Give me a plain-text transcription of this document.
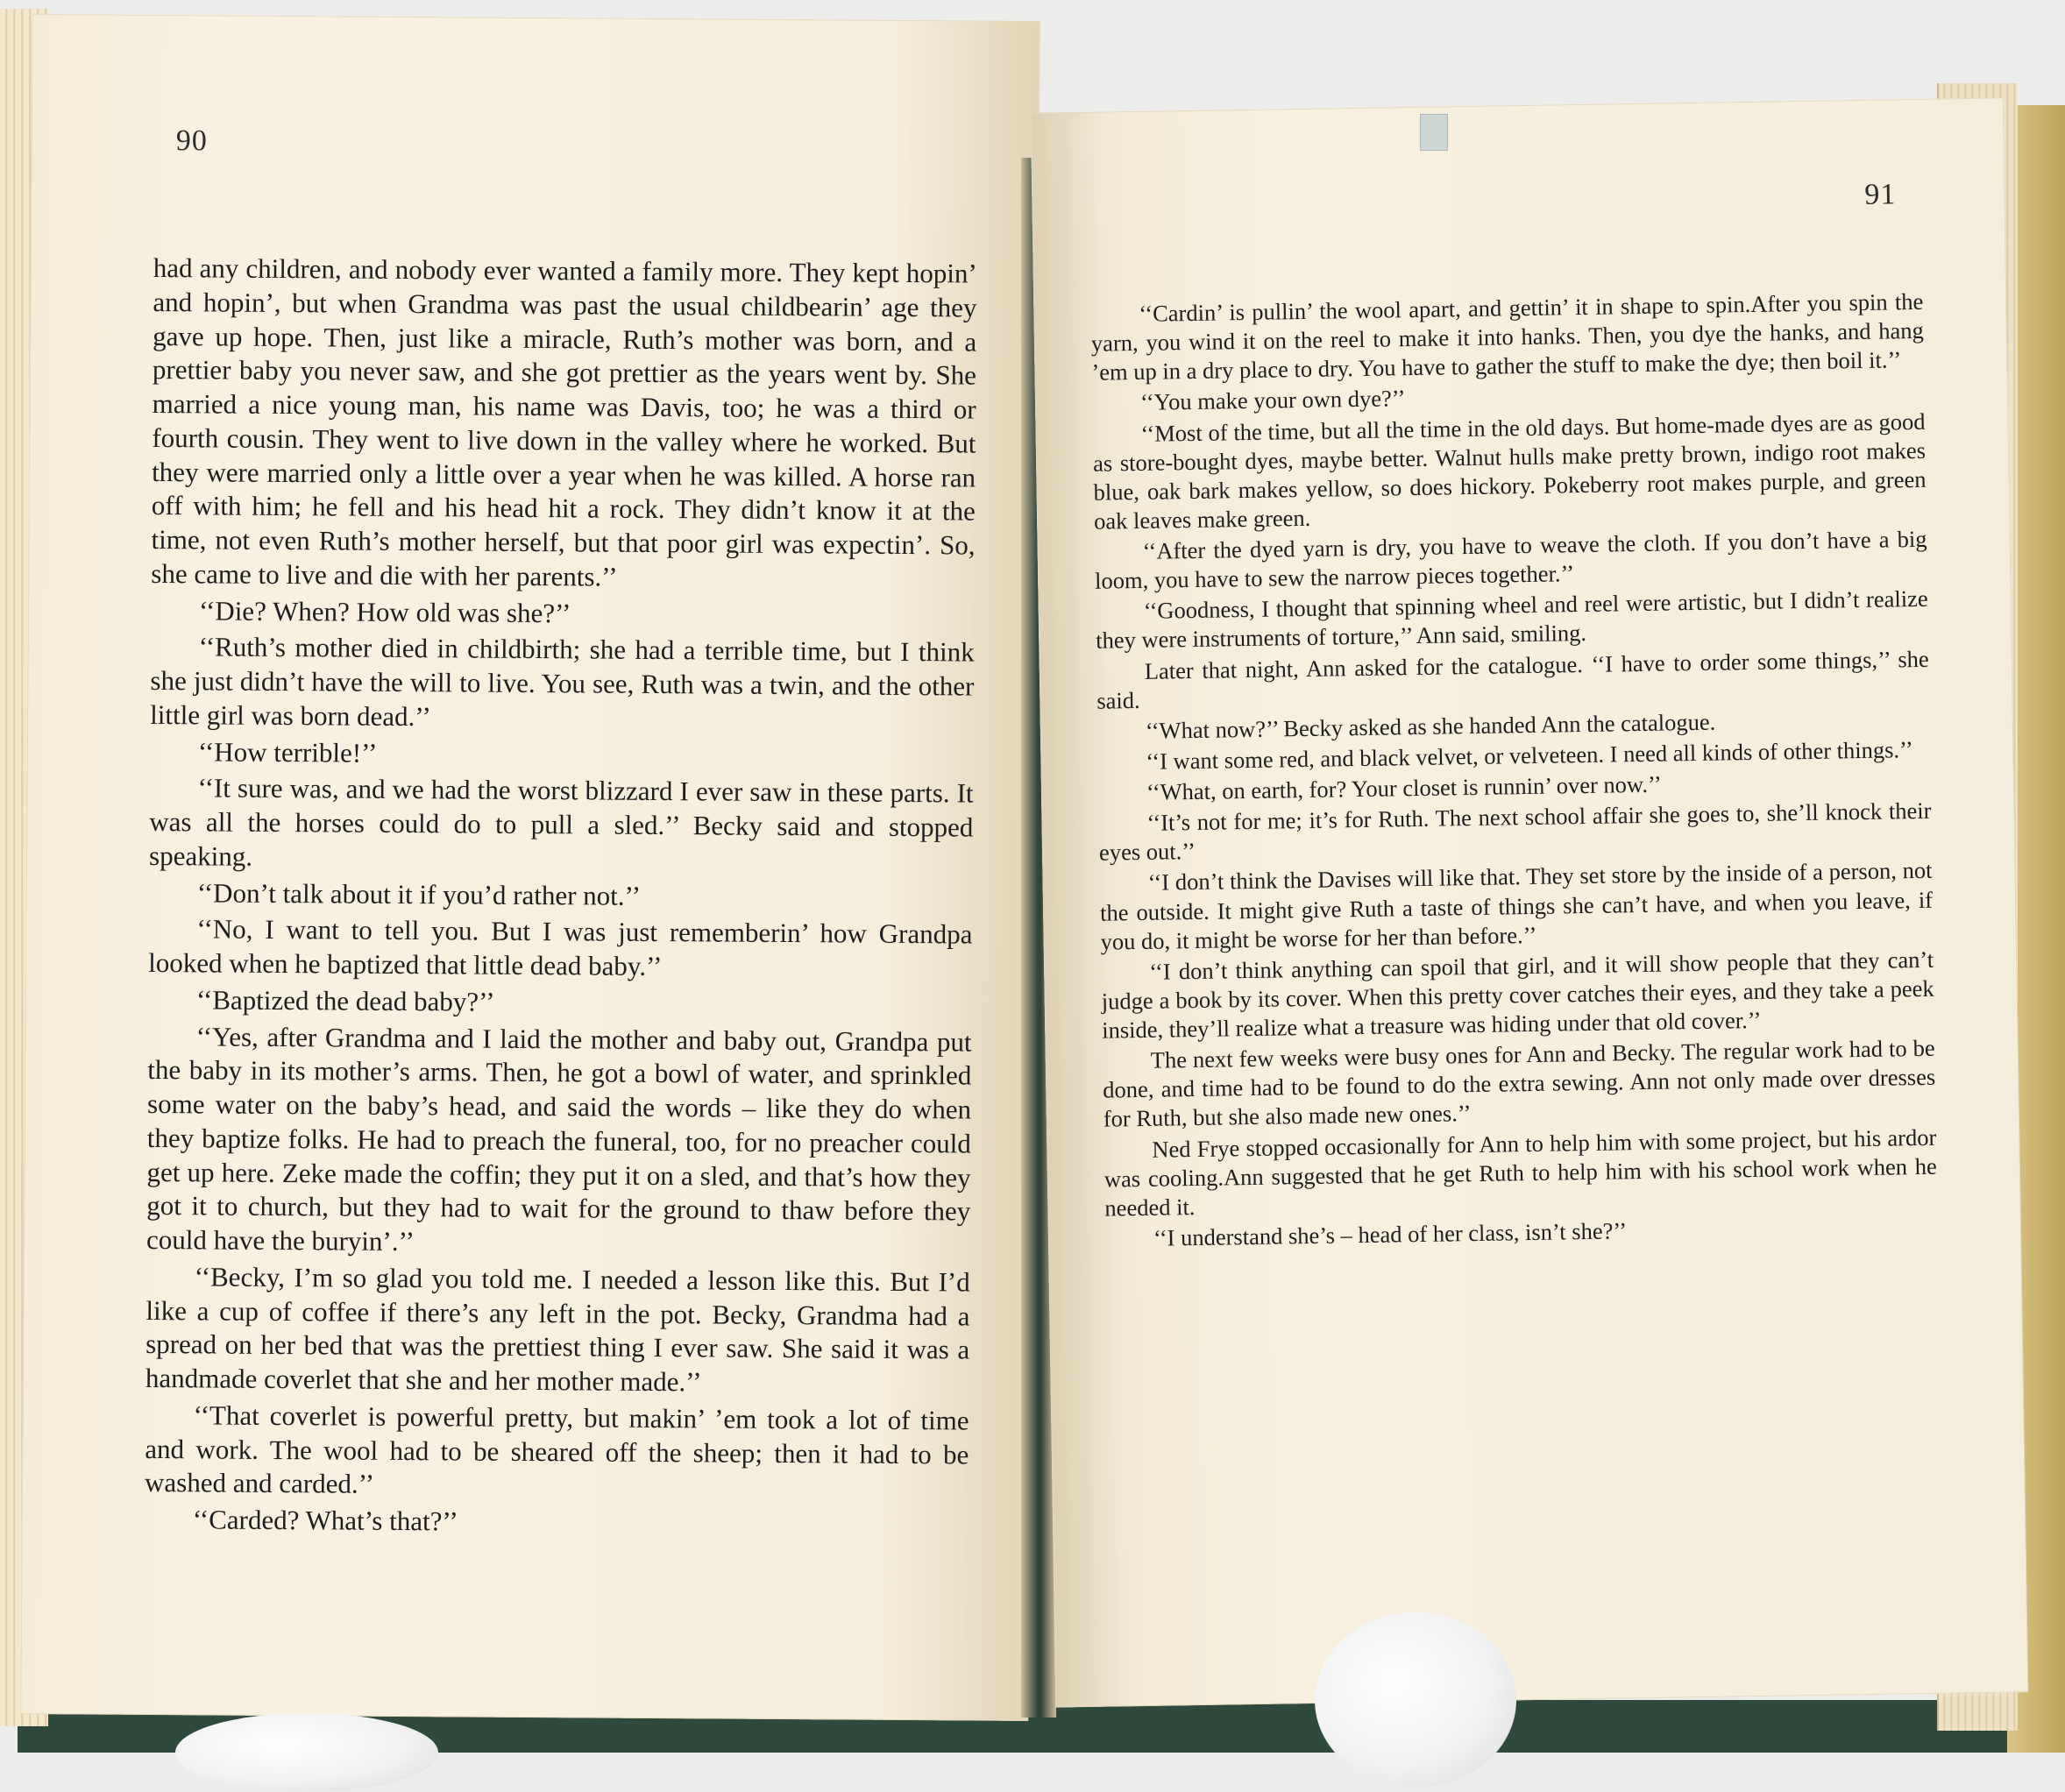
90

had any children, and nobody ever wanted a family more. They kept hopin’ and hopin’, but when Grandma was past the usual childbearin’ age they gave up hope. Then, just like a miracle, Ruth’s mother was born, and a prettier baby you never saw, and she got prettier as the years went by. She married a nice young man, his name was Davis, too; he was a third or fourth cousin. They went to live down in the valley where he worked. But they were married only a little over a year when he was killed. A horse ran off with him; he fell and his head hit a rock. They didn’t know it at the time, not even Ruth’s mother herself, but that poor girl was expectin’. So, she came to live and die with her parents.’’

‘‘Die? When? How old was she?’’

‘‘Ruth’s mother died in childbirth; she had a terrible time, but I think she just didn’t have the will to live. You see, Ruth was a twin, and the other little girl was born dead.’’

‘‘How terrible!’’

‘‘It sure was, and we had the worst blizzard I ever saw in these parts. It was all the horses could do to pull a sled.’’ Becky said and stopped speaking.

‘‘Don’t talk about it if you’d rather not.’’

‘‘No, I want to tell you. But I was just rememberin’ how Grandpa looked when he baptized that little dead baby.’’

‘‘Baptized the dead baby?’’

‘‘Yes, after Grandma and I laid the mother and baby out, Grandpa put the baby in its mother’s arms. Then, he got a bowl of water, and sprinkled some water on the baby’s head, and said the words – like they do when they baptize folks. He had to preach the funeral, too, for no preacher could get up here. Zeke made the coffin; they put it on a sled, and that’s how they got it to church, but they had to wait for the ground to thaw before they could have the buryin’.’’

‘‘Becky, I’m so glad you told me. I needed a lesson like this. But I’d like a cup of coffee if there’s any left in the pot. Becky, Grandma had a spread on her bed that was the prettiest thing I ever saw. She said it was a handmade coverlet that she and her mother made.’’

‘‘That coverlet is powerful pretty, but makin’ ’em took a lot of time and work. The wool had to be sheared off the sheep; then it had to be washed and carded.’’

‘‘Carded? What’s that?’’

91

‘‘Cardin’ is pullin’ the wool apart, and gettin’ it in shape to spin.After you spin the yarn, you wind it on the reel to make it into hanks. Then, you dye the hanks, and hang ’em up in a dry place to dry. You have to gather the stuff to make the dye; then boil it.’’

‘‘You make your own dye?’’

‘‘Most of the time, but all the time in the old days. But home-made dyes are as good as store-bought dyes, maybe better. Walnut hulls make pretty brown, indigo root makes blue, oak bark makes yellow, so does hickory. Pokeberry root makes purple, and green oak leaves make green.

‘‘After the dyed yarn is dry, you have to weave the cloth. If you don’t have a big loom, you have to sew the narrow pieces together.’’

‘‘Goodness, I thought that spinning wheel and reel were artistic, but I didn’t realize they were instruments of torture,’’ Ann said, smiling.

Later that night, Ann asked for the catalogue. ‘‘I have to order some things,’’ she said.

‘‘What now?’’ Becky asked as she handed Ann the catalogue.

‘‘I want some red, and black velvet, or velveteen. I need all kinds of other things.’’

‘‘What, on earth, for? Your closet is runnin’ over now.’’

‘‘It’s not for me; it’s for Ruth. The next school affair she goes to, she’ll knock their eyes out.’’

‘‘I don’t think the Davises will like that. They set store by the inside of a person, not the outside. It might give Ruth a taste of things she can’t have, and when you leave, if you do, it might be worse for her than before.’’

‘‘I don’t think anything can spoil that girl, and it will show people that they can’t judge a book by its cover. When this pretty cover catches their eyes, and they take a peek inside, they’ll realize what a treasure was hiding under that old cover.’’

The next few weeks were busy ones for Ann and Becky. The regular work had to be done, and time had to be found to do the extra sewing. Ann not only made over dresses for Ruth, but she also made new ones.’’

Ned Frye stopped occasionally for Ann to help him with some project, but his ardor was cooling.Ann suggested that he get Ruth to help him with his school work when he needed it.

‘‘I understand she’s – head of her class, isn’t she?’’
